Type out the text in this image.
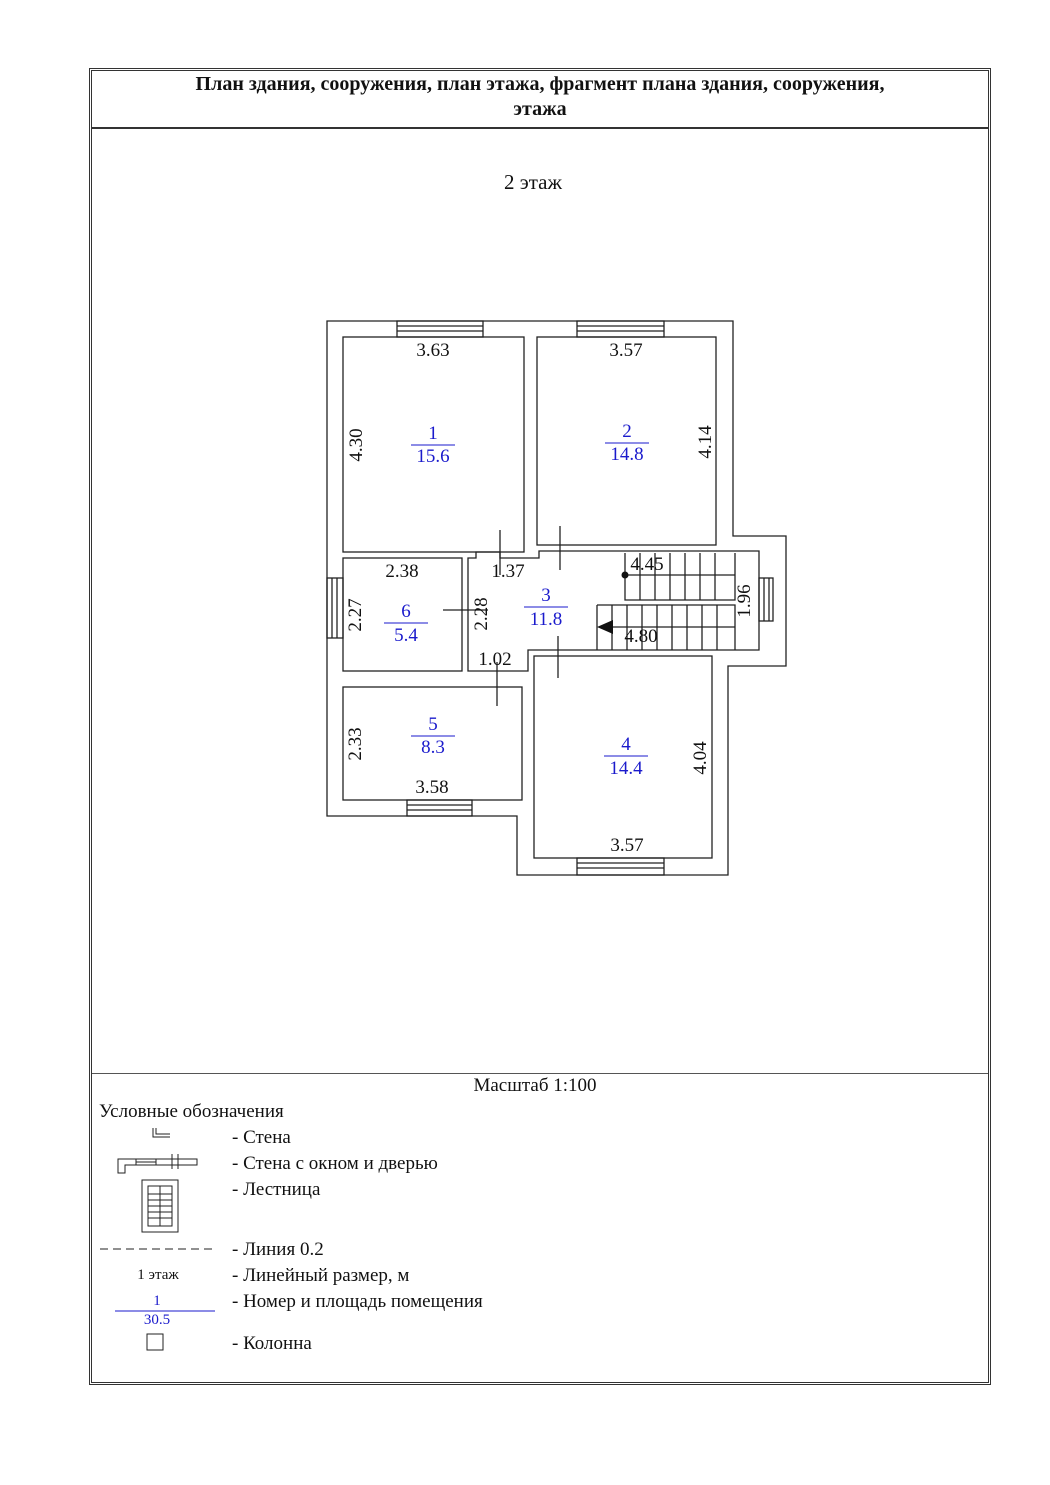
План здания, сооружения, план этажа, фрагмент плана здания, сооружения,
этажа
2 этаж
1
15.6
2
14.8
3
11.8
4
14.4
5
8.3
6
5.4
3.63
4.30
3.57
4.14
2.38
2.27
1.37
2.28
4.45
4.80
1.96
1.02
2.33
3.58
4.04
3.57
Масштаб 1:100
Условные обозначения
1 этаж
1
30.5
- Стена
- Стена с окном и дверью
- Лестница
- Линия 0.2
- Линейный размер, м
- Номер и площадь помещения
- Колонна
